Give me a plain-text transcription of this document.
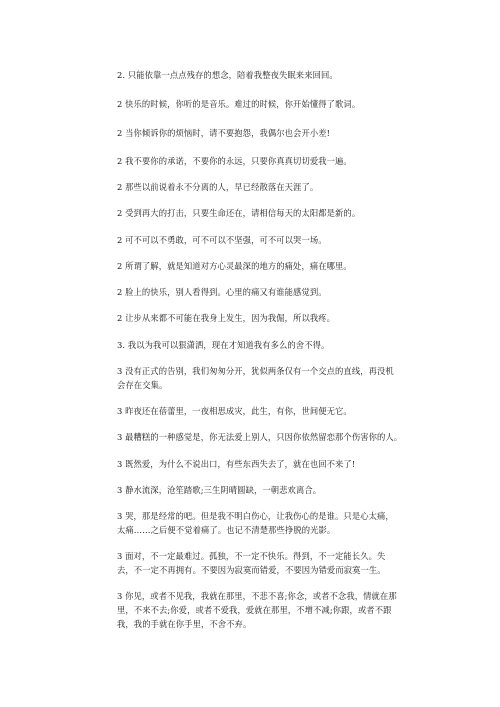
2. 只能依靠一点点残存的想念，陪着我整夜失眠来来回回。

2 快乐的时候，你听的是音乐。难过的时候，你开始懂得了歌词。

2 当你倾诉你的烦恼时，请不要抱怨，我偶尔也会开小差!

2 我不要你的承诺，不要你的永远，只要你真真切切爱我一遍。

2 那些以前说着永不分离的人，早已经散落在天涯了。

2 受到再大的打击，只要生命还在，请相信每天的太阳都是新的。

2 可不可以不勇敢，可不可以不坚强，可不可以哭一场。

2 所谓了解，就是知道对方心灵最深的地方的痛处，痛在哪里。

2 脸上的快乐，别人看得到。心里的痛又有谁能感觉到。

2 让步从来都不可能在我身上发生，因为我倔，所以我疼。

3. 我以为我可以狠潇洒，现在才知道我有多么的舍不得。

3 没有正式的告别，我们匆匆分开，犹似两条仅有一个交点的直线，再没机会存在交集。

3 昨夜还在蓓蕾里，一夜相思成灾，此生，有你，世间便无它。

3 最糟糕的一种感觉是，你无法爱上别人，只因你依然留恋那个伤害你的人。

3 既然爱，为什么不说出口，有些东西失去了，就在也回不来了!

3 静水流深，沧笙踏歌;三生阴晴圆缺，一朝悲欢离合。

3 哭，那是经常的吧。但是我不明白伤心，让我伤心的是谁。只是心太痛，太痛……之后便不觉着痛了。也记不清楚那些挣脱的光影。

3 面对，不一定最难过。孤独，不一定不快乐。得到，不一定能长久。失去，不一定不再拥有。不要因为寂寞而错爱，不要因为错爱而寂寞一生。

3 你见，或者不见我，我就在那里，不悲不喜;你念，或者不念我，情就在那里，不来不去;你爱，或者不爱我，爱就在那里，不增不减;你跟，或者不跟我，我的手就在你手里，不舍不弃。
